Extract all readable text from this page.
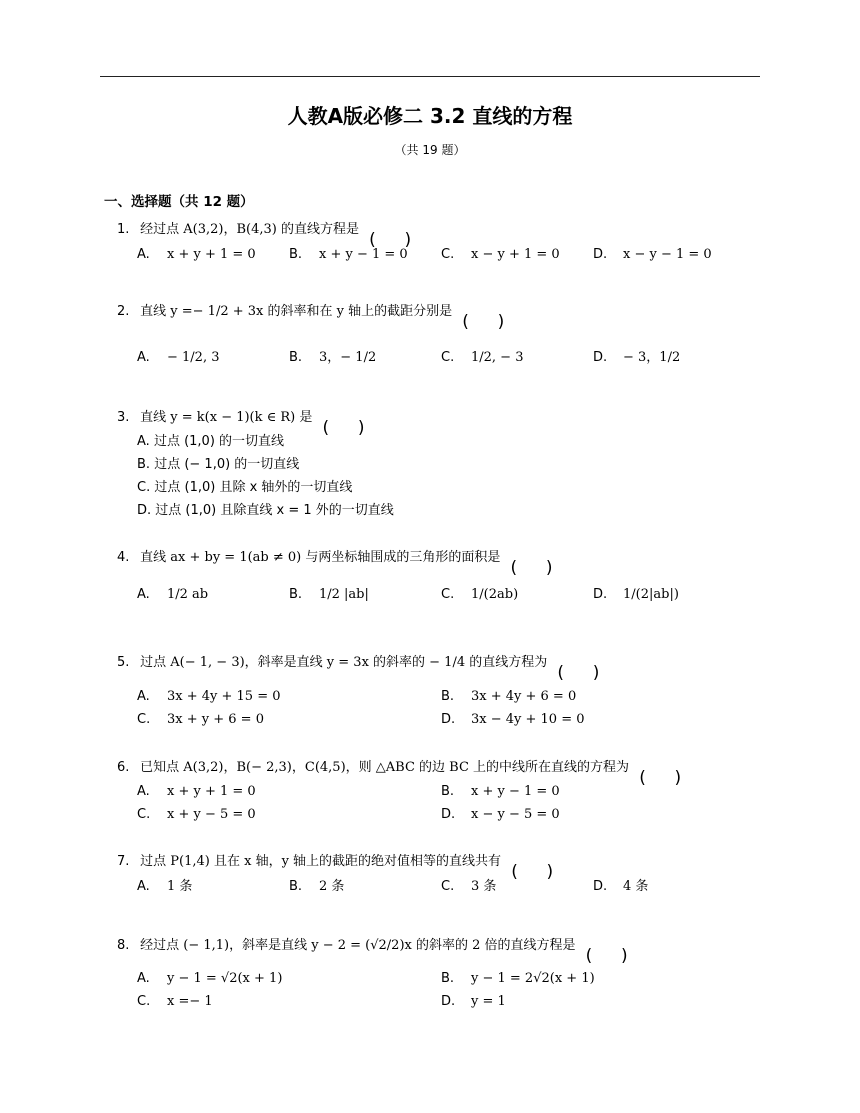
人教A版必修二 3.2 直线的方程
（共 19 题）
一、选择题（共 12 题）
1. 经过点 A(3,2)，B(4,3) 的直线方程是
A. x + y + 1 = 0	B. x + y − 1 = 0	C. x − y + 1 = 0	D. x − y − 1 = 0
2. 直线 y =− 1/2 + 3x 的斜率和在 y 轴上的截距分别是
A. − 1/2, 3	B. 3，− 1/2	C. 1/2, − 3	D. − 3，1/2
3. 直线 y = k(x − 1)(k ∈ R) 是
A. 过点 (1,0) 的一切直线
B. 过点 (− 1,0) 的一切直线
C. 过点 (1,0) 且除 x 轴外的一切直线
D. 过点 (1,0) 且除直线 x = 1 外的一切直线
4. 直线 ax + by = 1(ab ≠ 0) 与两坐标轴围成的三角形的面积是
A. 1/2 ab	B. 1/2 |ab|	C. 1/(2ab)	D. 1/(2|ab|)
5. 过点 A(− 1, − 3)，斜率是直线 y = 3x 的斜率的 − 1/4 的直线方程为
A. 3x + 4y + 15 = 0	B. 3x + 4y + 6 = 0
C. 3x + y + 6 = 0	D. 3x − 4y + 10 = 0
6. 已知点 A(3,2)，B(− 2,3)，C(4,5)，则 △ABC 的边 BC 上的中线所在直线的方程为
A. x + y + 1 = 0	B. x + y − 1 = 0
C. x + y − 5 = 0	D. x − y − 5 = 0
7. 过点 P(1,4) 且在 x 轴，y 轴上的截距的绝对值相等的直线共有
A. 1 条	B. 2 条	C. 3 条	D. 4 条
8. 经过点 (− 1,1)，斜率是直线 y − 2 = (√2/2)x 的斜率的 2 倍的直线方程是
A. y − 1 = √2(x + 1)	B. y − 1 = 2√2(x + 1)
C. x =− 1	D. y = 1
